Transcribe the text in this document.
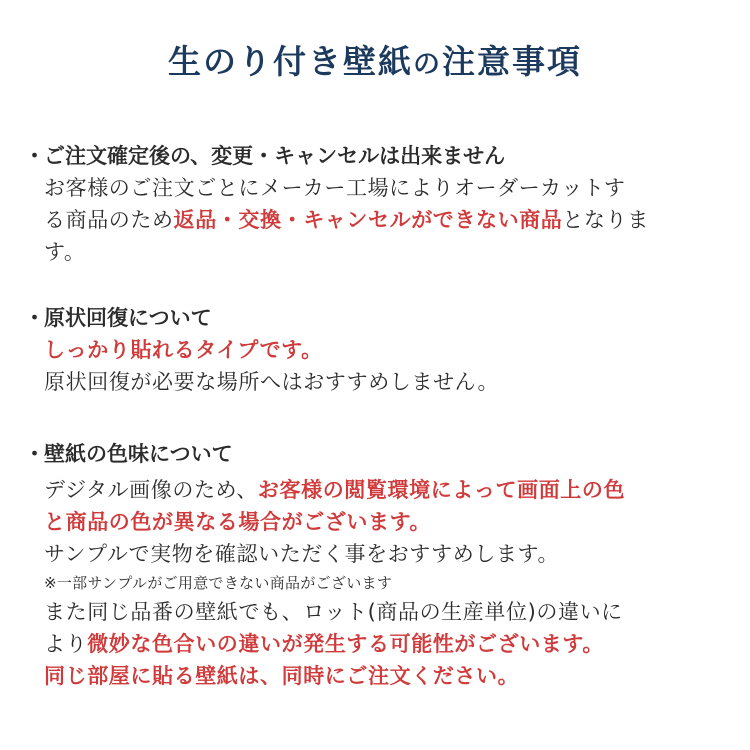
生のり付き壁紙の注意事項
・ご注文確定後の、変更・キャンセルは出来ません
お客様のご注文ごとにメーカー工場によりオーダーカットす
る商品のため返品・交換・キャンセルができない商品となりま
す。
・原状回復について
しっかり貼れるタイプです。
原状回復が必要な場所へはおすすめしません。
・壁紙の色味について
デジタル画像のため、お客様の閲覧環境によって画面上の色
と商品の色が異なる場合がございます。
サンプルで実物を確認いただく事をおすすめします。
※一部サンプルがご用意できない商品がございます
また同じ品番の壁紙でも、ロット(商品の生産単位)の違いに
より微妙な色合いの違いが発生する可能性がございます。
同じ部屋に貼る壁紙は、同時にご注文ください。
